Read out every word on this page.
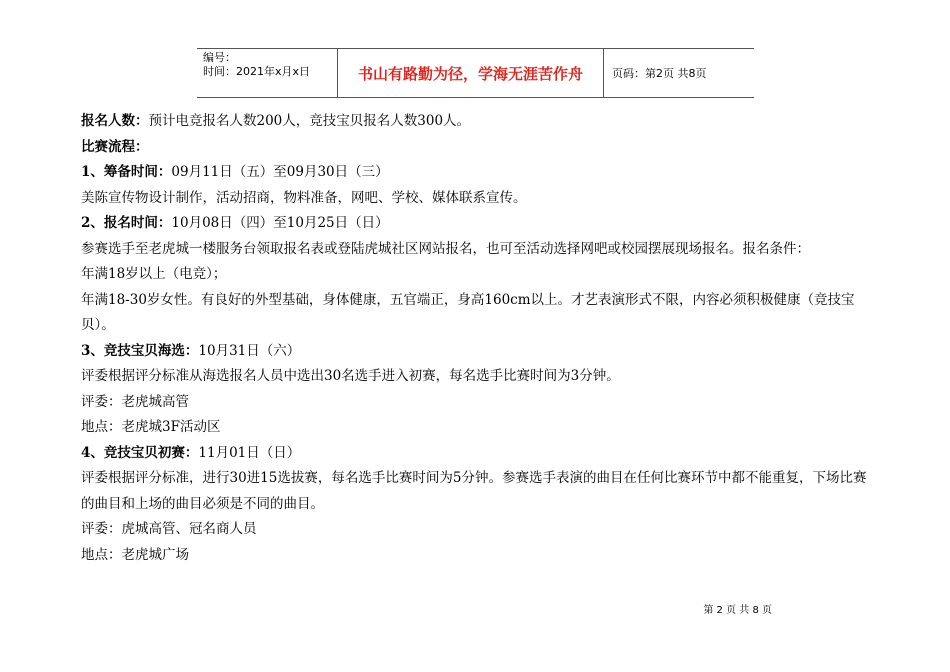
编号：
时间：2021年x月x日	书山有路勤为径，学海无涯苦作舟	页码：第2页 共8页

报名人数：预计电竞报名人数200人，竞技宝贝报名人数300人。

比赛流程：

1、筹备时间：09月11日（五）至09月30日（三）

美陈宣传物设计制作，活动招商，物料准备，网吧、学校、媒体联系宣传。

2、报名时间：10月08日（四）至10月25日（日）

参赛选手至老虎城一楼服务台领取报名表或登陆虎城社区网站报名，也可至活动选择网吧或校园摆展现场报名。报名条件：

年满18岁以上（电竞）；

年满18-30岁女性。有良好的外型基础，身体健康，五官端正，身高160cm以上。才艺表演形式不限，内容必须积极健康（竞技宝贝）。

3、竞技宝贝海选：10月31日（六）

评委根据评分标准从海选报名人员中选出30名选手进入初赛，每名选手比赛时间为3分钟。

评委：老虎城高管

地点：老虎城3F活动区

4、竞技宝贝初赛：11月01日（日）

评委根据评分标准，进行30进15选拔赛，每名选手比赛时间为5分钟。参赛选手表演的曲目在任何比赛环节中都不能重复，下场比赛的曲目和上场的曲目必须是不同的曲目。

评委：虎城高管、冠名商人员

地点：老虎城广场

第 2 页 共 8 页
